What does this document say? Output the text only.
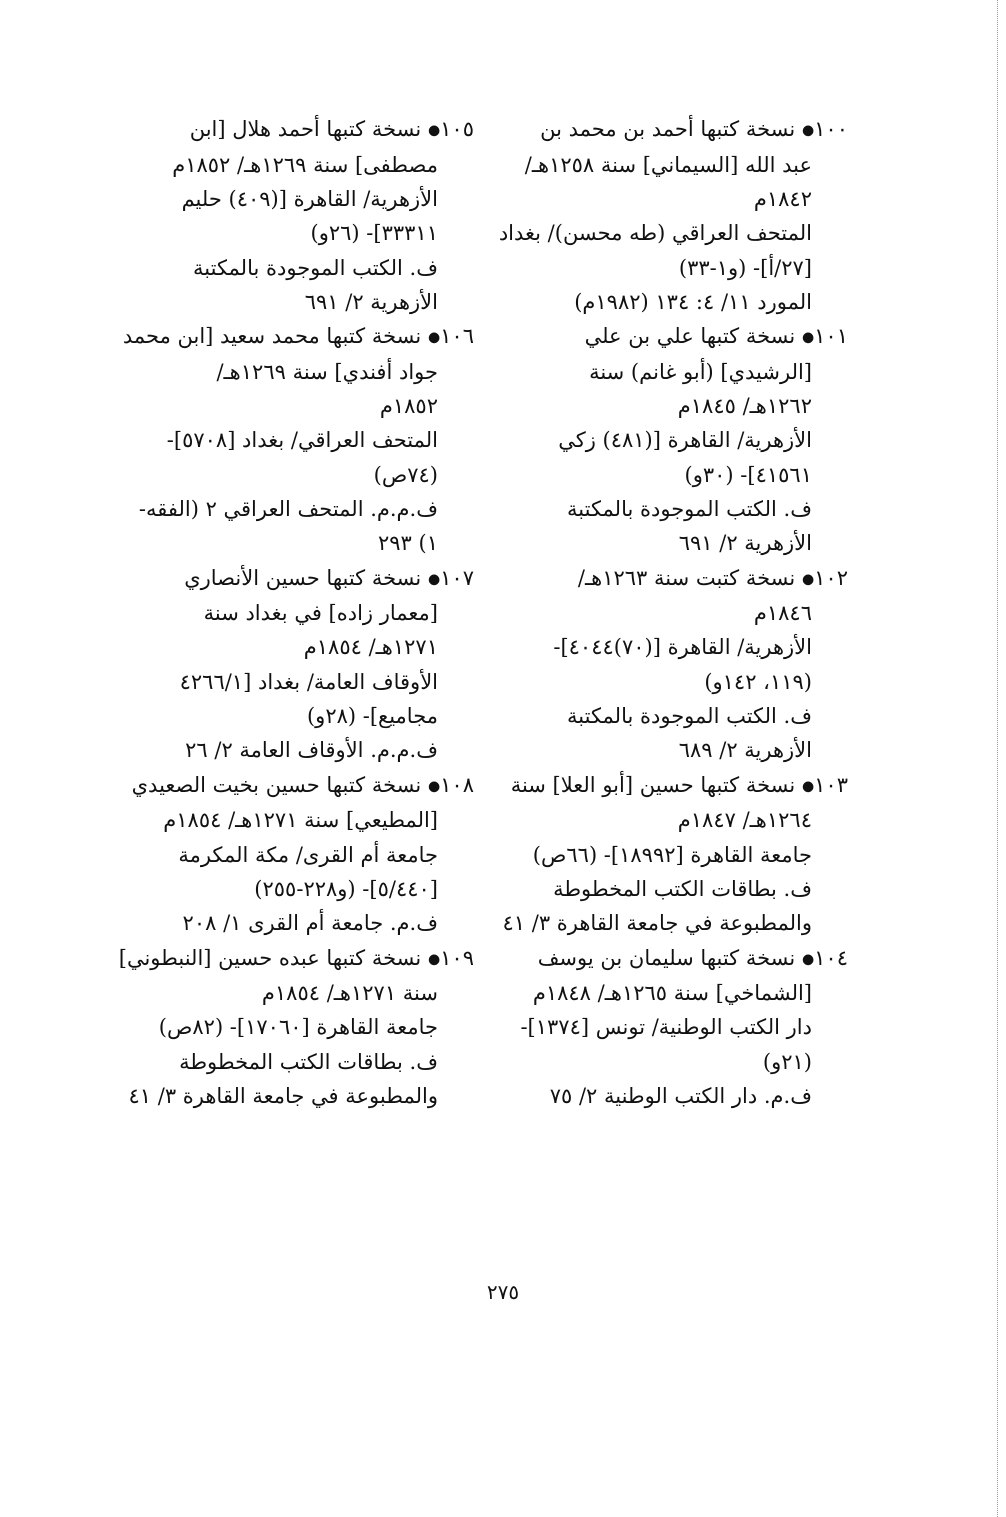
١٠٠● نسخة كتبها أحمد بن محمد بن
عبد الله [السيماني] سنة ١٢٥٨هـ/
١٨٤٢م
المتحف العراقي (طه محسن)/ بغداد
[٢٧/أ]- (و١-٣٣)
المورد ١١/ ٤: ١٣٤ (١٩٨٢م)
١٠١● نسخة كتبها علي بن علي
[الرشيدي] (أبو غانم) سنة
١٢٦٢هـ/ ١٨٤٥م
الأزهرية/ القاهرة [(٤٨١) زكي
٤١٥٦١]- (٣٠و)
ف. الكتب الموجودة بالمكتبة
الأزهرية ٢/ ٦٩١
١٠٢● نسخة كتبت سنة ١٢٦٣هـ/
١٨٤٦م
الأزهرية/ القاهرة [(٧٠)٤٠٤٤]-
(١١٩، ١٤٢و)
ف. الكتب الموجودة بالمكتبة
الأزهرية ٢/ ٦٨٩
١٠٣● نسخة كتبها حسين [أبو العلا] سنة
١٢٦٤هـ/ ١٨٤٧م
جامعة القاهرة [١٨٩٩٢]- (٦٦ص)
ف. بطاقات الكتب المخطوطة
والمطبوعة في جامعة القاهرة ٣/ ٤١
١٠٤● نسخة كتبها سليمان بن يوسف
[الشماخي] سنة ١٢٦٥هـ/ ١٨٤٨م
دار الكتب الوطنية/ تونس [١٣٧٤]-
(٢١و)
ف.م. دار الكتب الوطنية ٢/ ٧٥
١٠٥● نسخة كتبها أحمد هلال [ابن
مصطفى] سنة ١٢٦٩هـ/ ١٨٥٢م
الأزهرية/ القاهرة [(٤٠٩) حليم
٣٣٣١١]- (٢٦و)
ف. الكتب الموجودة بالمكتبة
الأزهرية ٢/ ٦٩١
١٠٦● نسخة كتبها محمد سعيد [ابن محمد
جواد أفندي] سنة ١٢٦٩هـ/
١٨٥٢م
المتحف العراقي/ بغداد [٥٧٠٨]-
(٧٤ص)
ف.م.م. المتحف العراقي ٢ (الفقه-
١) ٢٩٣
١٠٧● نسخة كتبها حسين الأنصاري
[معمار زاده] في بغداد سنة
١٢٧١هـ/ ١٨٥٤م
الأوقاف العامة/ بغداد [٤٢٦٦/١
مجاميع]- (٢٨و)
ف.م.م. الأوقاف العامة ٢/ ٢٦
١٠٨● نسخة كتبها حسين بخيت الصعيدي
[المطيعي] سنة ١٢٧١هـ/ ١٨٥٤م
جامعة أم القرى/ مكة المكرمة
[٥/٤٤٠]- (و٢٢٨-٢٥٥)
ف.م. جامعة أم القرى ١/ ٢٠٨
١٠٩● نسخة كتبها عبده حسين [النبطوني]
سنة ١٢٧١هـ/ ١٨٥٤م
جامعة القاهرة [١٧٠٦٠]- (٨٢ص)
ف. بطاقات الكتب المخطوطة
والمطبوعة في جامعة القاهرة ٣/ ٤١
٢٧٥
